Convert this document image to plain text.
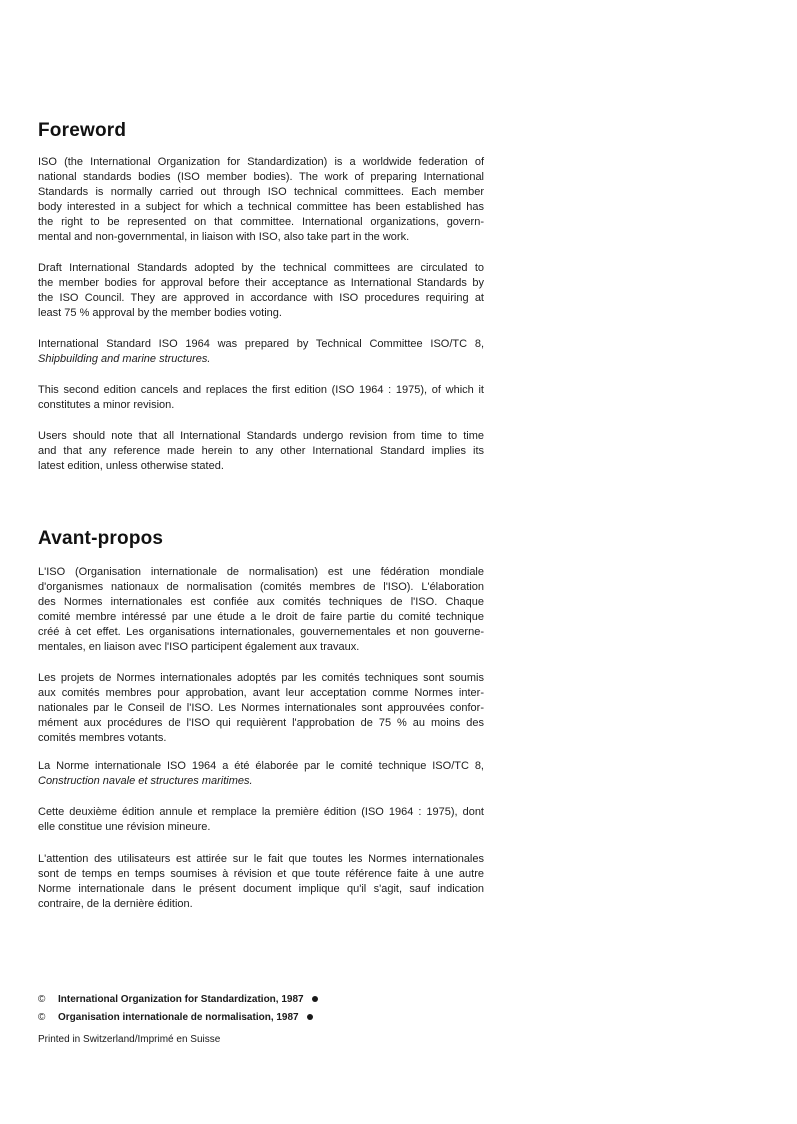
Foreword

ISO (the International Organization for Standardization) is a worldwide federation of
national standards bodies (ISO member bodies). The work of preparing International
Standards is normally carried out through ISO technical committees. Each member
body interested in a subject for which a technical committee has been established has
the right to be represented on that committee. International organizations, govern-
mental and non-governmental, in liaison with ISO, also take part in the work.

Draft International Standards adopted by the technical committees are circulated to
the member bodies for approval before their acceptance as International Standards by
the ISO Council. They are approved in accordance with ISO procedures requiring at
least 75 % approval by the member bodies voting.

International Standard ISO 1964 was prepared by Technical Committee ISO/TC 8,
Shipbuilding and marine structures.

This second edition cancels and replaces the first edition (ISO 1964 : 1975), of which it
constitutes a minor revision.

Users should note that all International Standards undergo revision from time to time
and that any reference made herein to any other International Standard implies its
latest edition, unless otherwise stated.

Avant-propos

L'ISO (Organisation internationale de normalisation) est une fédération mondiale
d'organismes nationaux de normalisation (comités membres de l'ISO). L'élaboration
des Normes internationales est confiée aux comités techniques de l'ISO. Chaque
comité membre intéressé par une étude a le droit de faire partie du comité technique
créé à cet effet. Les organisations internationales, gouvernementales et non gouverne-
mentales, en liaison avec l'ISO participent également aux travaux.

Les projets de Normes internationales adoptés par les comités techniques sont soumis
aux comités membres pour approbation, avant leur acceptation comme Normes inter-
nationales par le Conseil de l'ISO. Les Normes internationales sont approuvées confor-
mément aux procédures de l'ISO qui requièrent l'approbation de 75 % au moins des
comités membres votants.

La Norme internationale ISO 1964 a été élaborée par le comité technique ISO/TC 8,
Construction navale et structures maritimes.

Cette deuxième édition annule et remplace la première édition (ISO 1964 : 1975), dont
elle constitue une révision mineure.

L'attention des utilisateurs est attirée sur le fait que toutes les Normes internationales
sont de temps en temps soumises à révision et que toute référence faite à une autre
Norme internationale dans le présent document implique qu'il s'agit, sauf indication
contraire, de la dernière édition.

© International Organization for Standardization, 1987
© Organisation internationale de normalisation, 1987
Printed in Switzerland/Imprimé en Suisse
